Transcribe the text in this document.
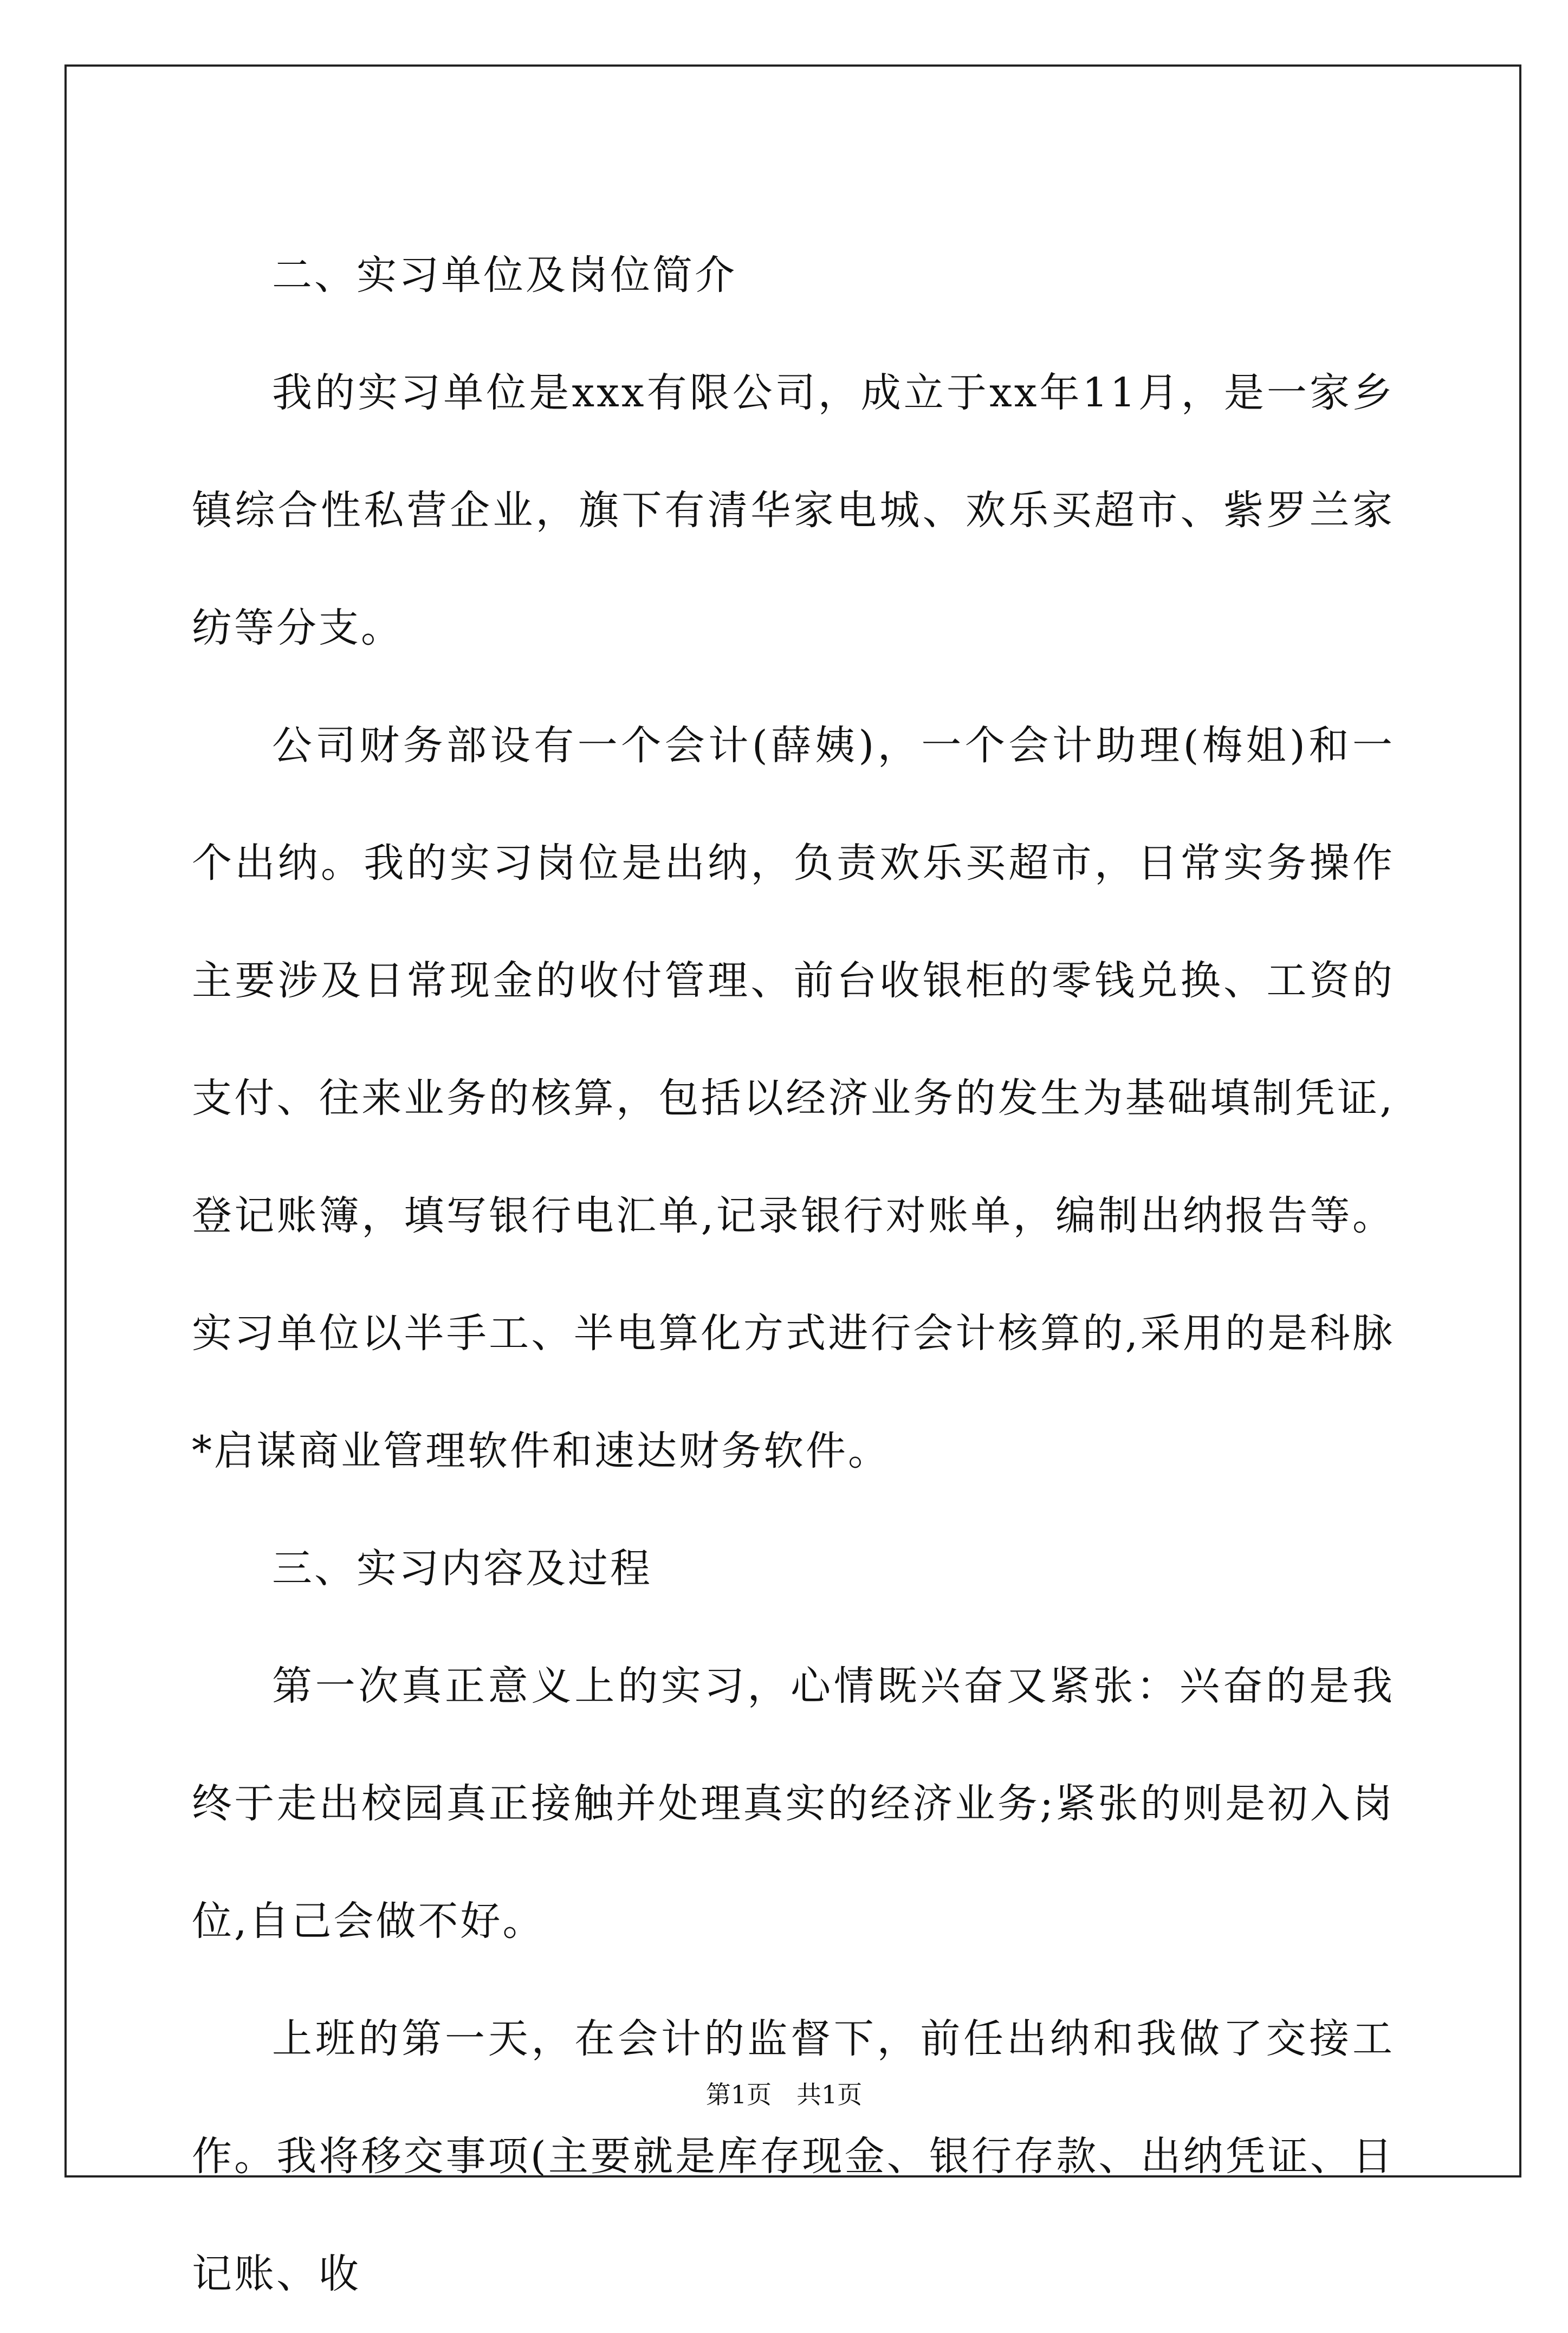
二、实习单位及岗位简介

我的实习单位是xxx有限公司，成立于xx年11月，是一家乡镇综合性私营企业，旗下有清华家电城、欢乐买超市、紫罗兰家纺等分支。

公司财务部设有一个会计(薛姨)，一个会计助理(梅姐)和一个出纳。我的实习岗位是出纳，负责欢乐买超市，日常实务操作主要涉及日常现金的收付管理、前台收银柜的零钱兑换、工资的支付、往来业务的核算，包括以经济业务的发生为基础填制凭证,登记账簿，填写银行电汇单,记录银行对账单，编制出纳报告等。实习单位以半手工、半电算化方式进行会计核算的,采用的是科脉*启谋商业管理软件和速达财务软件。

三、实习内容及过程

第一次真正意义上的实习，心情既兴奋又紧张：兴奋的是我终于走出校园真正接触并处理真实的经济业务;紧张的则是初入岗位,自己会做不好。

上班的第一天，在会计的监督下，前任出纳和我做了交接工作。我将移交事项(主要就是库存现金、银行存款、出纳凭证、日记账、收

第1页 共1页
